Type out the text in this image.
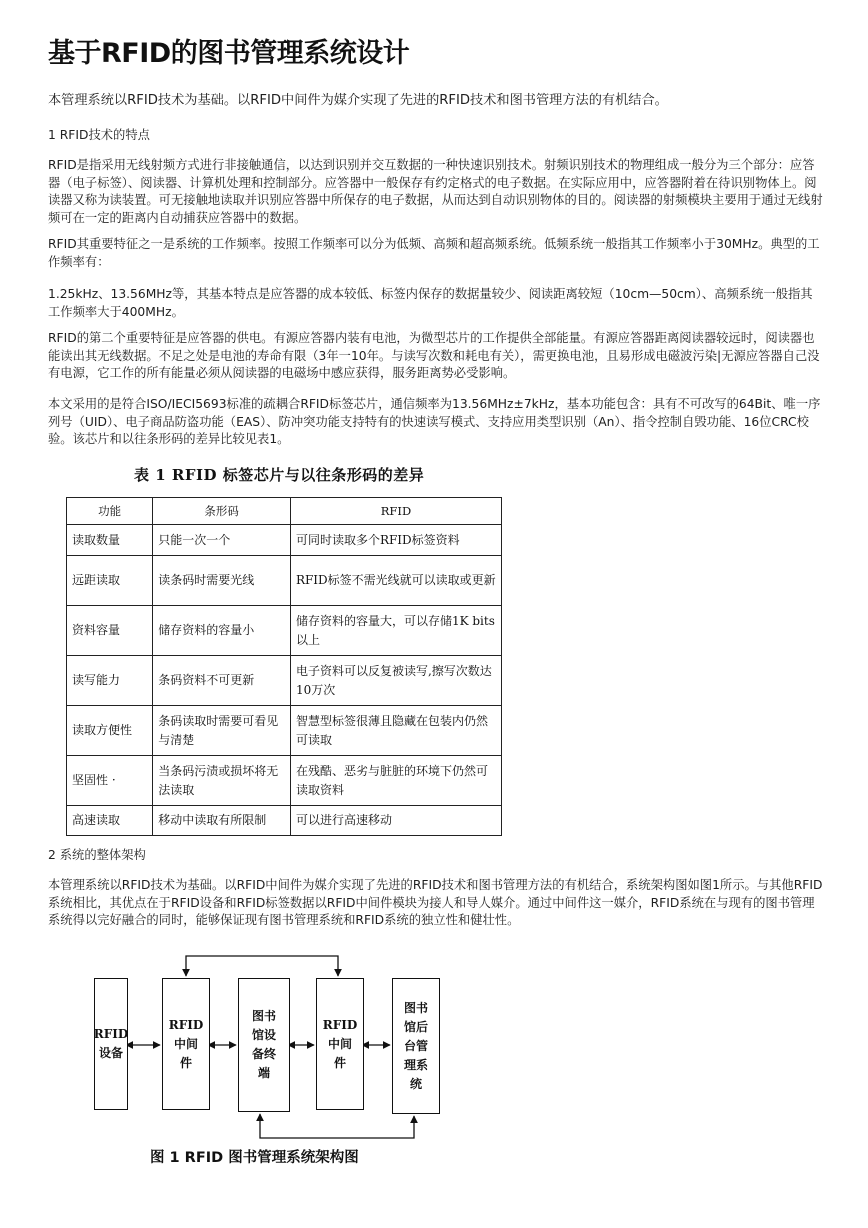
基于RFID的图书管理系统设计
本管理系统以RFID技术为基础。以RFID中间件为媒介实现了先进的RFID技术和图书管理方法的有机结合。
1 RFID技术的特点
RFID是指采用无线射频方式进行非接触通信，以达到识别并交互数据的一种快速识别技术。射频识别技术的物理组成一般分为三个部分：应答器（电子标签）、阅读器、计算机处理和控制部分。应答器中一般保存有约定格式的电子数据。在实际应用中，应答器附着在待识别物体上。阅读器又称为读装置。可无接触地读取并识别应答器中所保存的电子数据，从而达到自动识别物体的目的。阅读器的射频模块主要用于通过无线射频可在一定的距离内自动捕获应答器中的数据。
RFID其重要特征之一是系统的工作频率。按照工作频率可以分为低频、高频和超高频系统。低频系统一般指其工作频率小于30MHz。典型的工作频率有：
1.25kHz、13.56MHz等，其基本特点是应答器的成本较低、标签内保存的数据量较少、阅读距离较短（10cm—50cm）、高频系统一般指其工作频率大于400MHz。
RFID的第二个重要特征是应答器的供电。有源应答器内装有电池，为微型芯片的工作提供全部能量。有源应答器距离阅读器较远时，阅读器也能读出其无线数据。不足之处是电池的寿命有限（3年一10年。与读写次数和耗电有关），需更换电池，且易形成电磁波污染|无源应答器自己没有电源，它工作的所有能量必须从阅读器的电磁场中感应获得，服务距离势必受影响。
本文采用的是符合ISO/IECI5693标准的疏耦合RFID标签芯片，通信频率为13.56MHz±7kHz，基本功能包含：具有不可改写的64Bit、唯一序列号（UID）、电子商品防盗功能（EAS）、防冲突功能支持特有的快速读写模式、支持应用类型识别（An）、指令控制自毁功能、16位CRC校验。该芯片和以往条形码的差异比较见表1。
表 1 RFID 标签芯片与以往条形码的差异
功能	条形码	RFID
读取数量	只能一次一个	可同时读取多个RFID标签资料
远距读取	读条码时需要光线	RFID标签不需光线就可以读取或更新
资料容量	储存资料的容量小	储存资料的容量大，可以存储1K bits以上
读写能力	条码资料不可更新	电子资料可以反复被读写,擦写次数达 10万次
读取方便性	条码读取时需要可看见与清楚	智慧型标签很薄且隐藏在包装内仍然可读取
坚固性 ·	当条码污渍或损坏将无法读取	在残酷、恶劣与脏脏的环境下仍然可读取资料
高速读取	移动中读取有所限制	可以进行高速移动
2 系统的整体架构
本管理系统以RFID技术为基础。以RFID中间件为媒介实现了先进的RFID技术和图书管理方法的有机结合，系统架构图如图1所示。与其他RFID系统相比，其优点在于RFID设备和RFID标签数据以RFID中间件模块为接人和导人媒介。通过中间件这一媒介，RFID系统在与现有的图书管理系统得以完好融合的同时，能够保证现有图书管理系统和RFID系统的独立性和健壮性。
RFID
设备
RFID
中间
件
图书
馆设
备终
端
RFID
中间
件
图书
馆后
台管
理系
统
图 1 RFID 图书管理系统架构图
